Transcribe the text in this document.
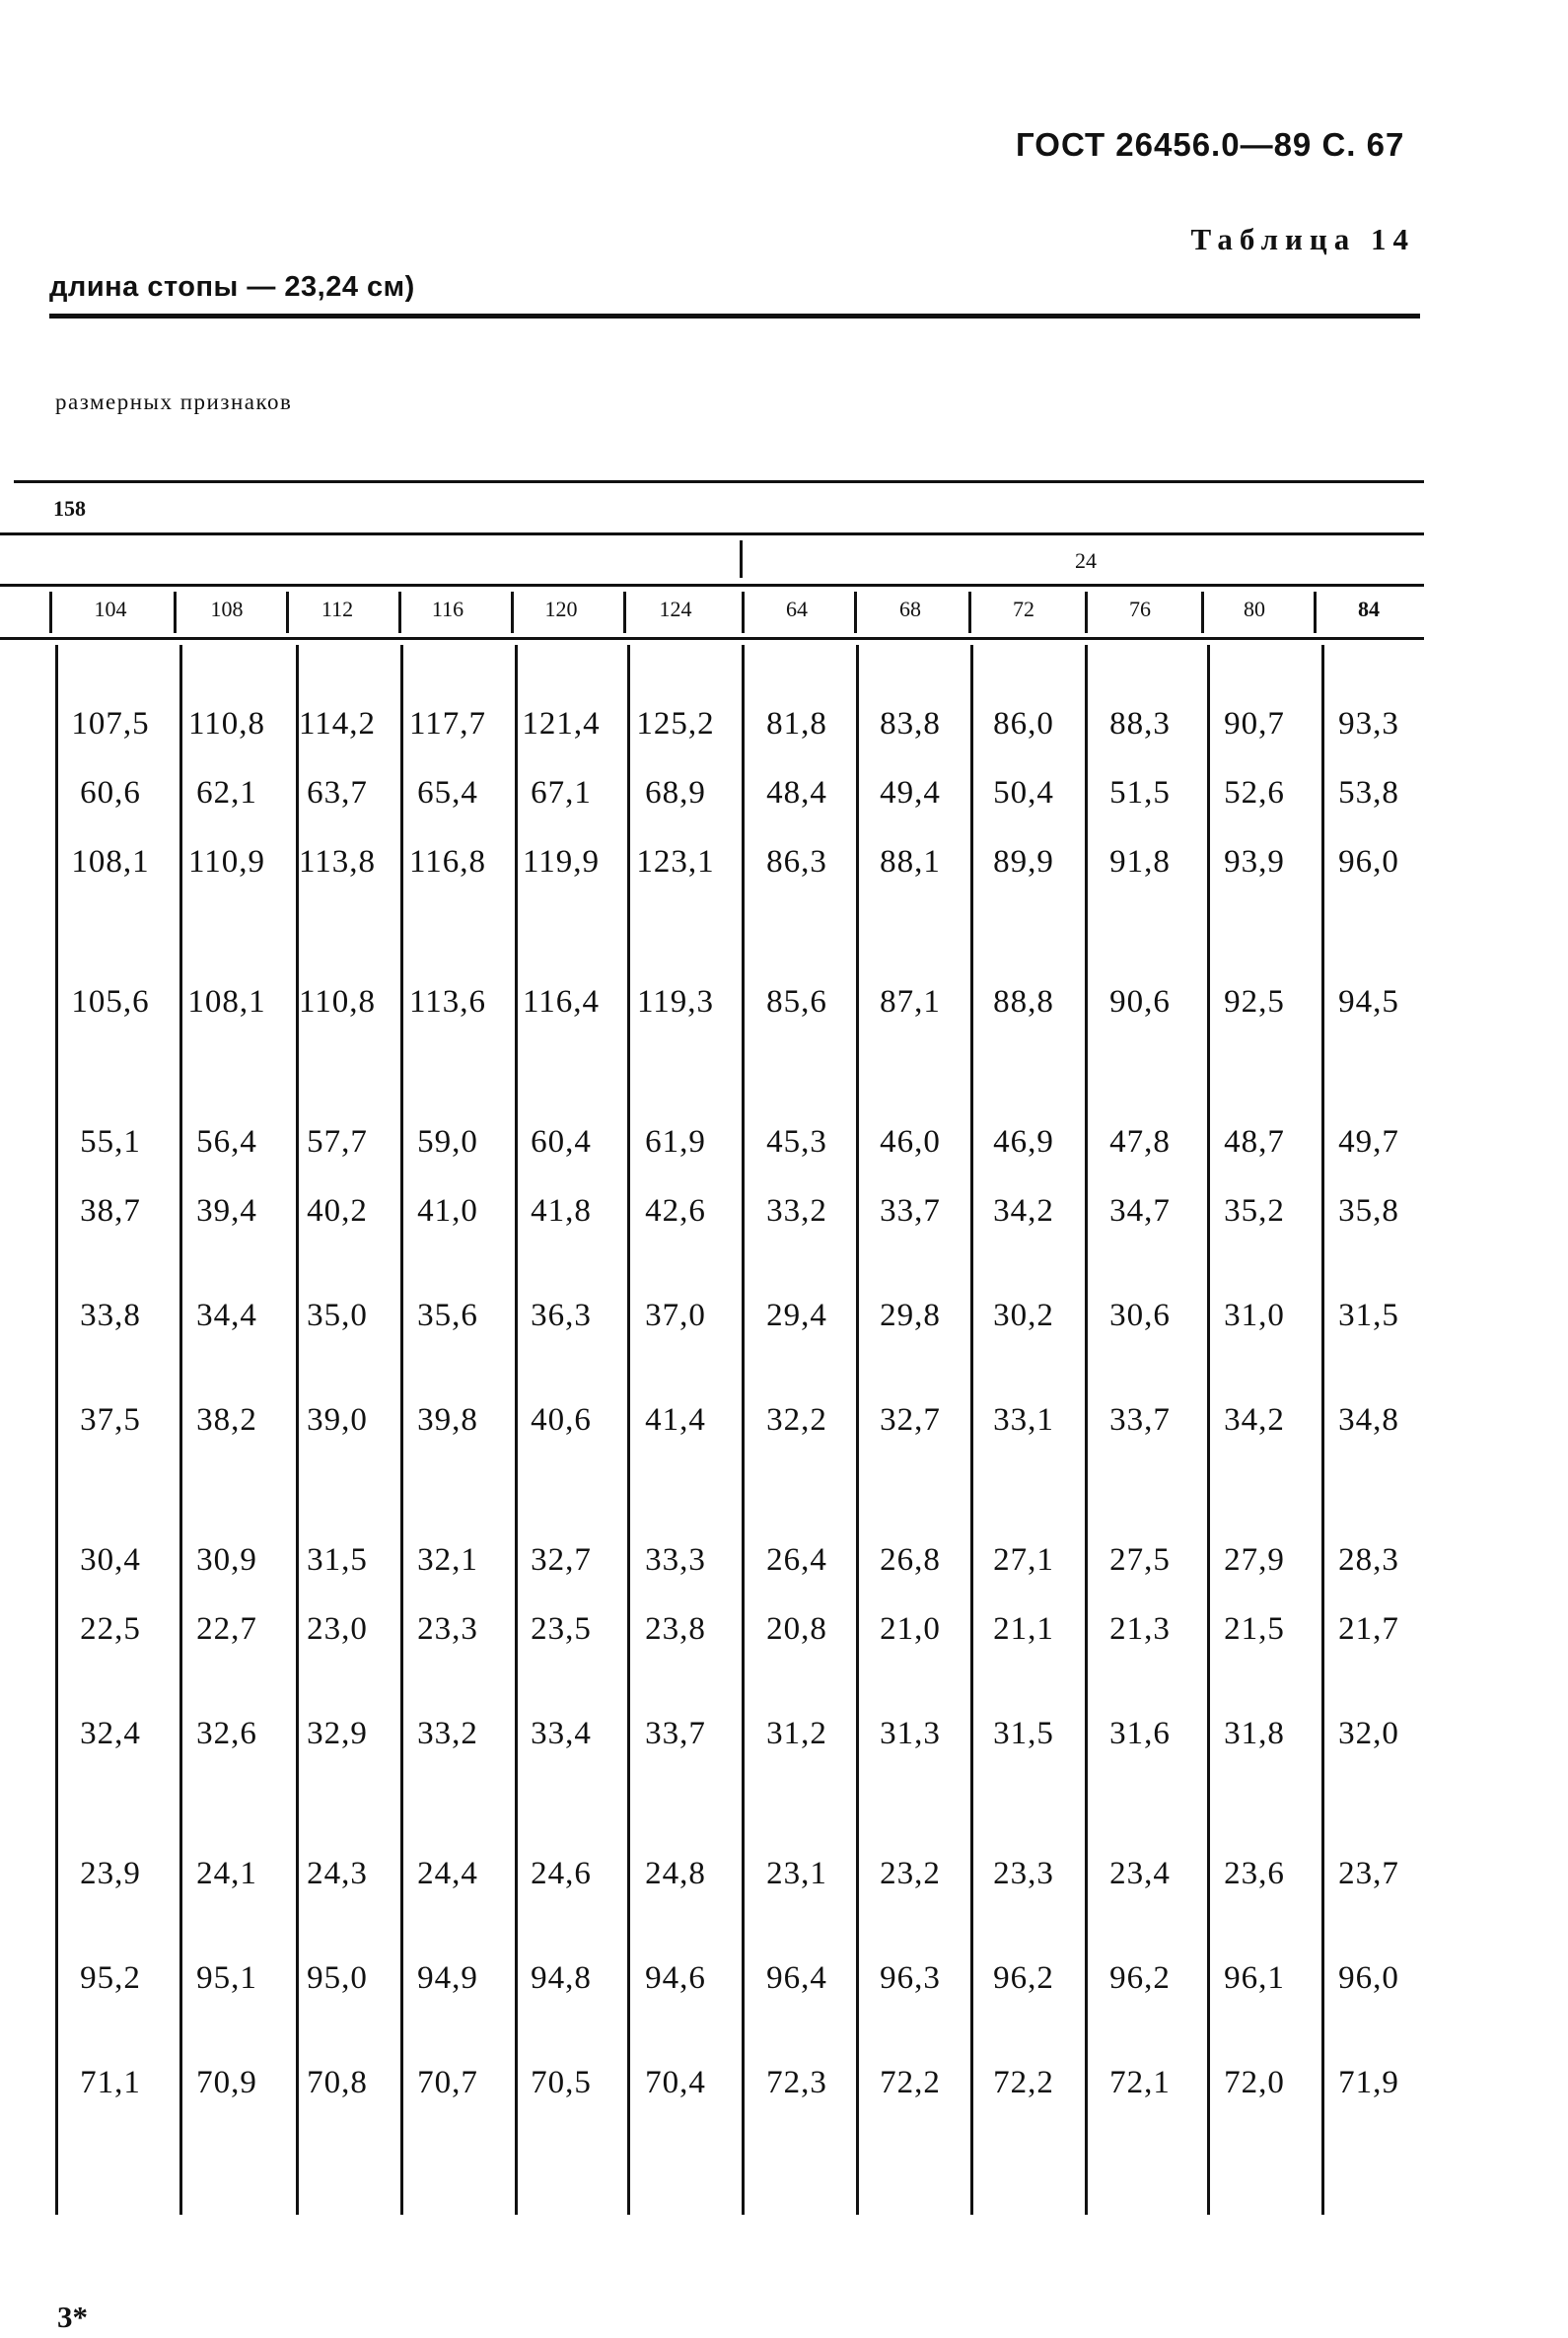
ГОСТ 26456.0—89 С. 67
Таблица 14
длина стопы — 23,24 см)
размерных признаков
158
24
104	108	112	116	120	124	64	68	72	76	80	84
107,5	110,8	114,2	117,7	121,4	125,2	81,8	83,8	86,0	88,3	90,7	93,3
60,6	62,1	63,7	65,4	67,1	68,9	48,4	49,4	50,4	51,5	52,6	53,8
108,1	110,9	113,8	116,8	119,9	123,1	86,3	88,1	89,9	91,8	93,9	96,0
105,6	108,1	110,8	113,6	116,4	119,3	85,6	87,1	88,8	90,6	92,5	94,5
55,1	56,4	57,7	59,0	60,4	61,9	45,3	46,0	46,9	47,8	48,7	49,7
38,7	39,4	40,2	41,0	41,8	42,6	33,2	33,7	34,2	34,7	35,2	35,8
33,8	34,4	35,0	35,6	36,3	37,0	29,4	29,8	30,2	30,6	31,0	31,5
37,5	38,2	39,0	39,8	40,6	41,4	32,2	32,7	33,1	33,7	34,2	34,8
30,4	30,9	31,5	32,1	32,7	33,3	26,4	26,8	27,1	27,5	27,9	28,3
22,5	22,7	23,0	23,3	23,5	23,8	20,8	21,0	21,1	21,3	21,5	21,7
32,4	32,6	32,9	33,2	33,4	33,7	31,2	31,3	31,5	31,6	31,8	32,0
23,9	24,1	24,3	24,4	24,6	24,8	23,1	23,2	23,3	23,4	23,6	23,7
95,2	95,1	95,0	94,9	94,8	94,6	96,4	96,3	96,2	96,2	96,1	96,0
71,1	70,9	70,8	70,7	70,5	70,4	72,3	72,2	72,2	72,1	72,0	71,9
3*
